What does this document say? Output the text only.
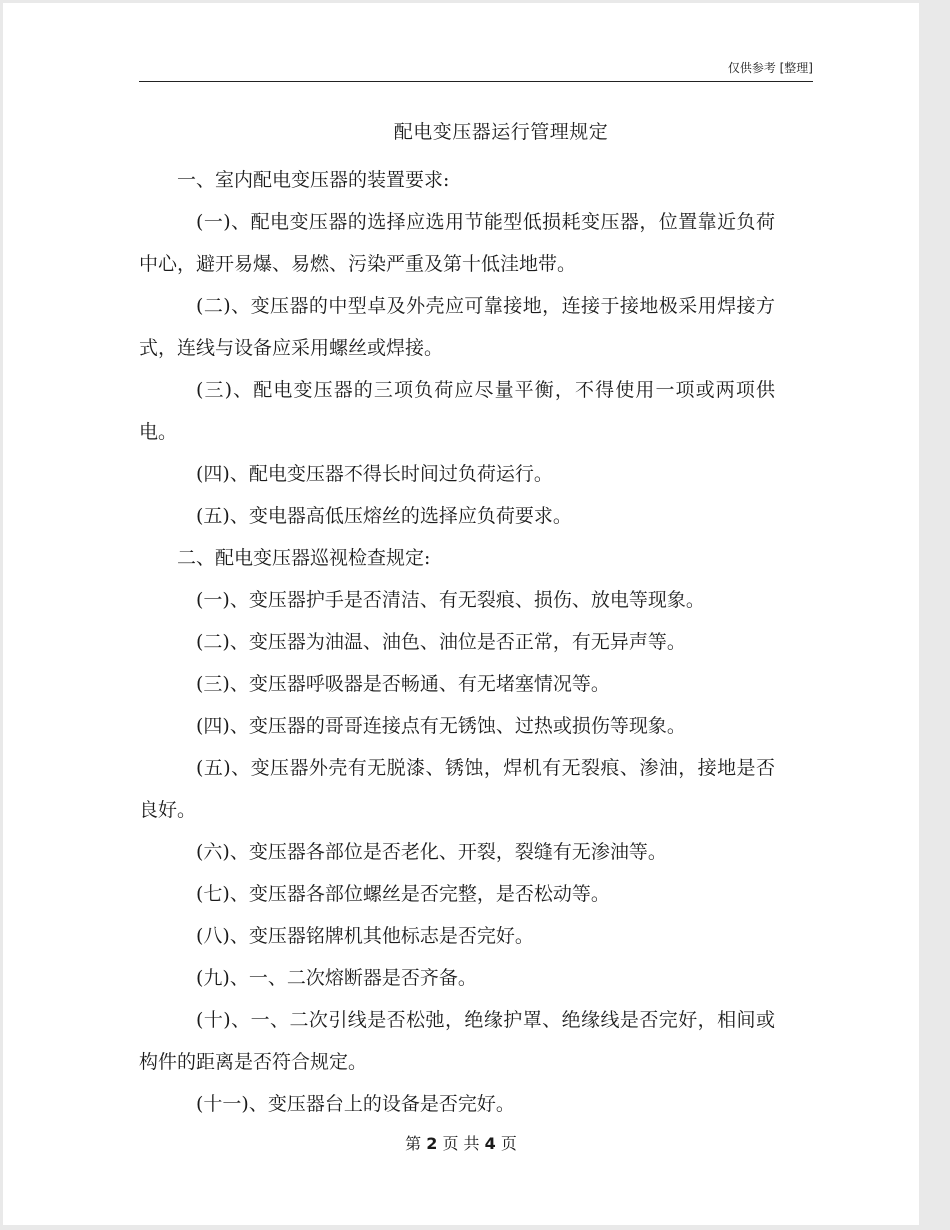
仅供参考 [整理]
配电变压器运行管理规定

一、室内配电变压器的装置要求:

(一)、配电变压器的选择应选用节能型低损耗变压器，位置靠近负荷中心，避开易爆、易燃、污染严重及第十低洼地带。

(二)、变压器的中型卓及外壳应可靠接地，连接于接地极采用焊接方式，连线与设备应采用螺丝或焊接。

(三)、配电变压器的三项负荷应尽量平衡，不得使用一项或两项供电。

(四)、配电变压器不得长时间过负荷运行。

(五)、变电器高低压熔丝的选择应负荷要求。

二、配电变压器巡视检查规定:

(一)、变压器护手是否清洁、有无裂痕、损伤、放电等现象。

(二)、变压器为油温、油色、油位是否正常，有无异声等。

(三)、变压器呼吸器是否畅通、有无堵塞情况等。

(四)、变压器的哥哥连接点有无锈蚀、过热或损伤等现象。

(五)、变压器外壳有无脱漆、锈蚀，焊机有无裂痕、渗油，接地是否良好。

(六)、变压器各部位是否老化、开裂，裂缝有无渗油等。

(七)、变压器各部位螺丝是否完整，是否松动等。

(八)、变压器铭牌机其他标志是否完好。

(九)、一、二次熔断器是否齐备。

(十)、一、二次引线是否松弛，绝缘护罩、绝缘线是否完好，相间或构件的距离是否符合规定。

(十一)、变压器台上的设备是否完好。

第 2 页 共 4 页
